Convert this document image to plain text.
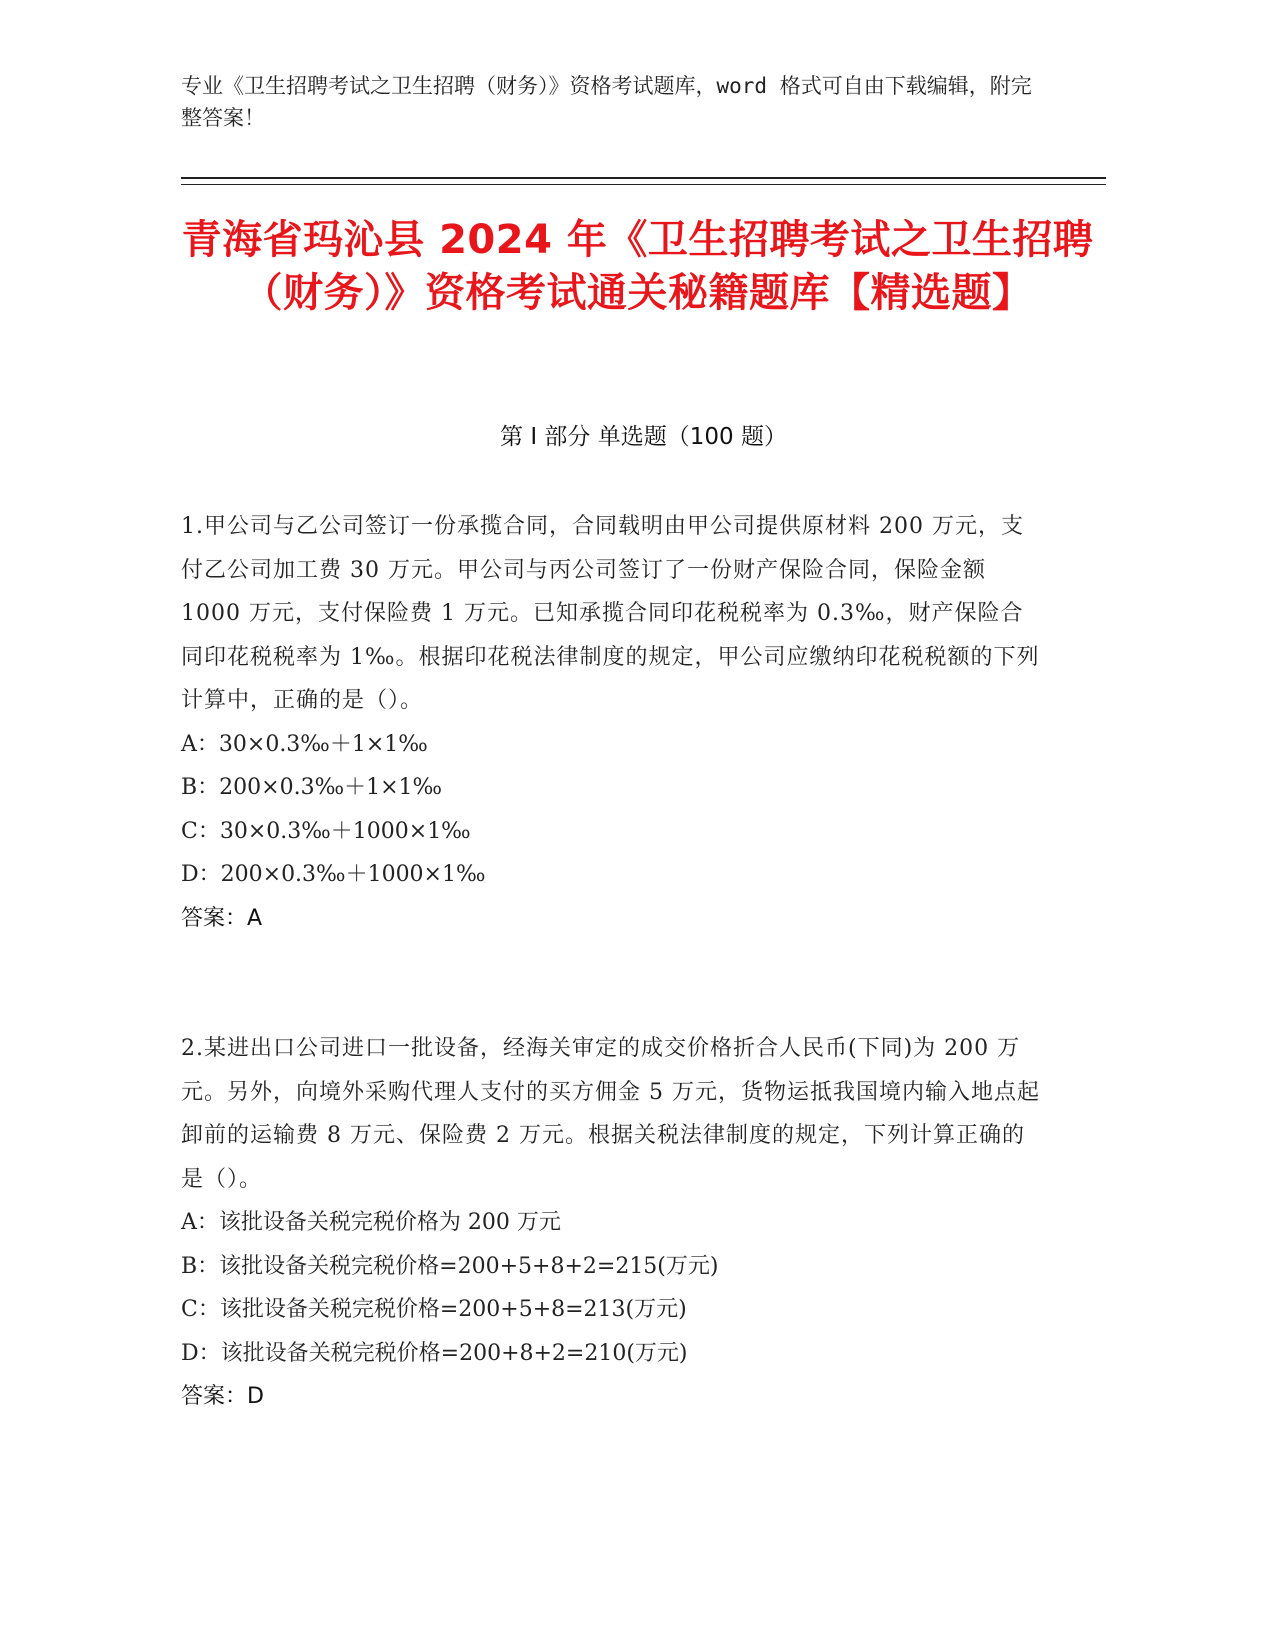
专业《卫生招聘考试之卫生招聘（财务）》资格考试题库，word 格式可自由下载编辑，附完整答案！
青海省玛沁县 2024 年《卫生招聘考试之卫生招聘（财务）》资格考试通关秘籍题库【精选题】
第 I 部分 单选题（100 题）
1.甲公司与乙公司签订一份承揽合同，合同载明由甲公司提供原材料 200 万元，支付乙公司加工费 30 万元。甲公司与丙公司签订了一份财产保险合同，保险金额 1000 万元，支付保险费 1 万元。已知承揽合同印花税税率为 0.3‰，财产保险合同印花税税率为 1‰。根据印花税法律制度的规定，甲公司应缴纳印花税税额的下列计算中，正确的是（）。
A：30×0.3‰＋1×1‰
B：200×0.3‰＋1×1‰
C：30×0.3‰＋1000×1‰
D：200×0.3‰＋1000×1‰
答案：A
2.某进出口公司进口一批设备，经海关审定的成交价格折合人民币(下同)为 200 万元。另外，向境外采购代理人支付的买方佣金 5 万元，货物运抵我国境内输入地点起卸前的运输费 8 万元、保险费 2 万元。根据关税法律制度的规定，下列计算正确的是（）。
A：该批设备关税完税价格为 200 万元
B：该批设备关税完税价格=200+5+8+2=215(万元)
C：该批设备关税完税价格=200+5+8=213(万元)
D：该批设备关税完税价格=200+8+2=210(万元)
答案：D
